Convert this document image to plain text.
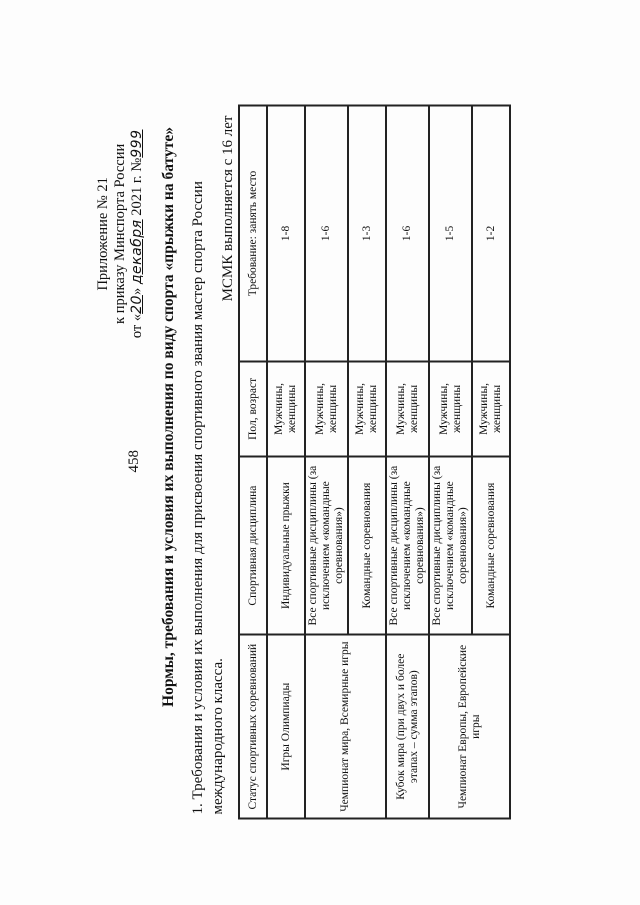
458
Приложение № 21 к приказу Минспорта России
от «20» декабря 2021 г. №999 Нормы, требования и условия их выполнения по виду спорта «прыжки на батуте» 1. Требования и условия их выполнения для присвоения спортивного звания мастер спорта России международного класса.
МСМК выполняется с 16 лет
Статус спортивных соревнований	Спортивная дисциплина	Пол, возраст	Требование: занять место
Игры Олимпиады	Индивидуальные прыжки	Мужчины, женщины	1-8
Чемпионат мира, Всемирные игры	Все спортивные дисциплины (за исключением «командные соревнования»)	Мужчины, женщины	1-6
	Командные соревнования	Мужчины, женщины	1-3
Кубок мира (при двух и более этапах – сумма этапов)	Все спортивные дисциплины (за исключением «командные соревнования»)	Мужчины, женщины	1-6
Чемпионат Европы, Европейские игры	Все спортивные дисциплины (за исключением «командные соревнования»)	Мужчины, женщины	1-5
	Командные соревнования	Мужчины, женщины	1-2
